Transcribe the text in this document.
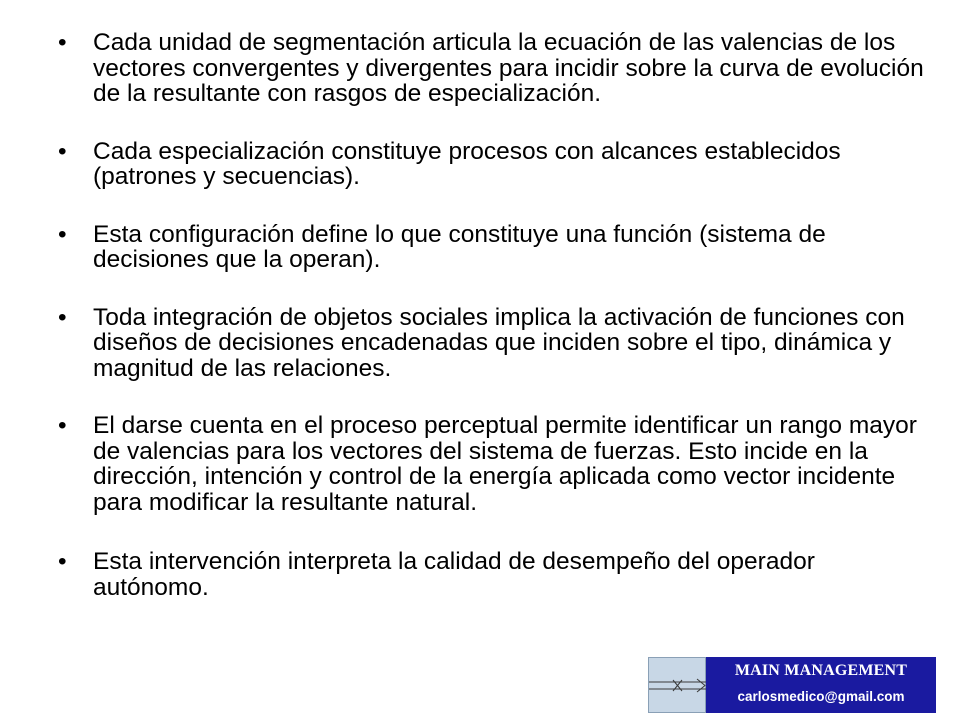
• Cada unidad de segmentación articula la ecuación de las valencias de los vectores convergentes y divergentes para incidir sobre la curva de evolución de la resultante con rasgos de especialización.
• Cada especialización constituye procesos con alcances establecidos (patrones y secuencias).
• Esta configuración define lo que constituye una función (sistema de decisiones que la operan).
• Toda integración de objetos sociales implica la activación de funciones con diseños de decisiones encadenadas que inciden sobre el tipo, dinámica y magnitud de las relaciones.
• El darse cuenta en el proceso perceptual permite identificar un rango mayor de valencias para los vectores del sistema de fuerzas. Esto incide en la dirección, intención y control de la energía aplicada como vector incidente para modificar la resultante natural.
• Esta intervención interpreta la calidad de desempeño del operador autónomo.
MAIN MANAGEMENT
carlosmedico@gmail.com
